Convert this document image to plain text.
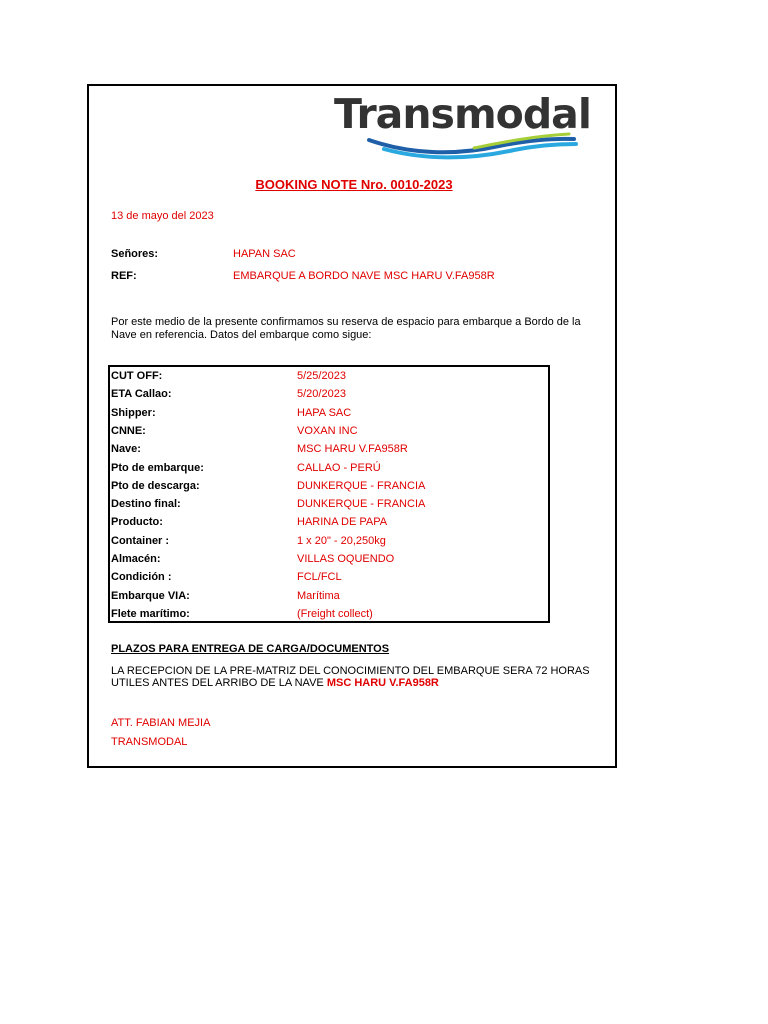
Transmodal
BOOKING NOTE Nro. 0010-2023
13 de mayo del 2023
Señores:	HAPAN SAC
REF:	EMBARQUE A BORDO NAVE MSC HARU V.FA958R
Por este medio de la presente confirmamos su reserva de espacio para embarque a Bordo de la Nave en referencia. Datos del embarque como sigue:
CUT OFF:	5/25/2023
ETA Callao:	5/20/2023
Shipper:	HAPA SAC
CNNE:	VOXAN INC
Nave:	MSC HARU V.FA958R
Pto de embarque:	CALLAO - PERÚ
Pto de descarga:	DUNKERQUE - FRANCIA
Destino final:	DUNKERQUE - FRANCIA
Producto:	HARINA DE PAPA
Container :	1 x 20" - 20,250kg
Almacén:	VILLAS OQUENDO
Condición :	FCL/FCL
Embarque VIA:	Marítima
Flete marítimo:	(Freight collect)
PLAZOS PARA ENTREGA DE CARGA/DOCUMENTOS
LA RECEPCION DE LA PRE-MATRIZ DEL CONOCIMIENTO DEL EMBARQUE SERA 72 HORAS UTILES ANTES DEL ARRIBO DE LA NAVE MSC HARU V.FA958R
ATT. FABIAN MEJIA
TRANSMODAL
